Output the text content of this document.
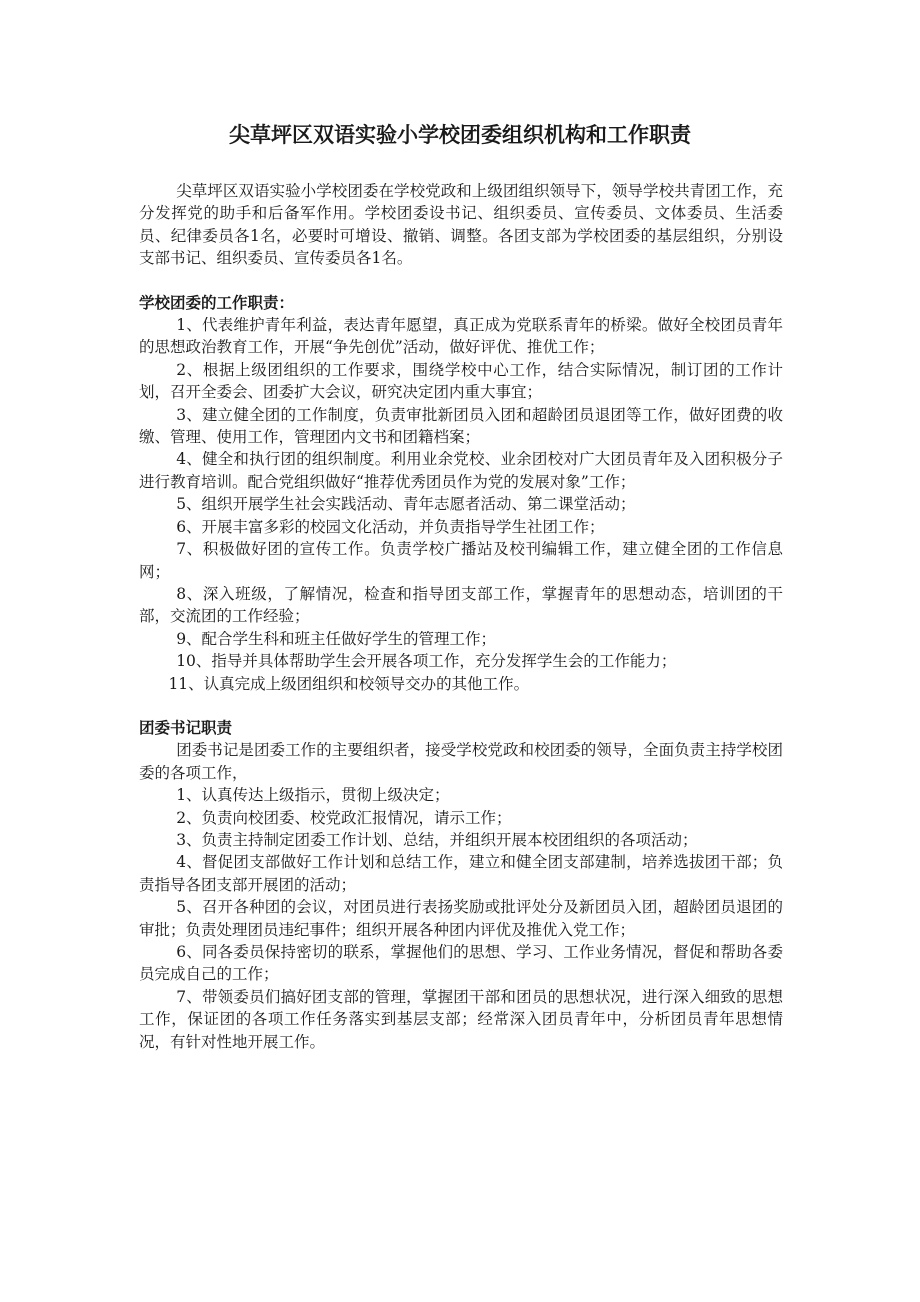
尖草坪区双语实验小学校团委组织机构和工作职责

尖草坪区双语实验小学校团委在学校党政和上级团组织领导下，领导学校共青团工作，充分发挥党的助手和后备军作用。学校团委设书记、组织委员、宣传委员、文体委员、生活委员、纪律委员各1名，必要时可增设、撤销、调整。各团支部为学校团委的基层组织，分别设支部书记、组织委员、宣传委员各1名。

学校团委的工作职责：

1、代表维护青年利益，表达青年愿望，真正成为党联系青年的桥梁。做好全校团员青年的思想政治教育工作，开展“争先创优”活动，做好评优、推优工作；

2、根据上级团组织的工作要求，围绕学校中心工作，结合实际情况，制订团的工作计划，召开全委会、团委扩大会议，研究决定团内重大事宜；

3、建立健全团的工作制度，负责审批新团员入团和超龄团员退团等工作，做好团费的收缴、管理、使用工作，管理团内文书和团籍档案；

4、健全和执行团的组织制度。利用业余党校、业余团校对广大团员青年及入团积极分子进行教育培训。配合党组织做好“推荐优秀团员作为党的发展对象”工作；

5、组织开展学生社会实践活动、青年志愿者活动、第二课堂活动；

6、开展丰富多彩的校园文化活动，并负责指导学生社团工作；

7、积极做好团的宣传工作。负责学校广播站及校刊编辑工作，建立健全团的工作信息网；

8、深入班级，了解情况，检查和指导团支部工作，掌握青年的思想动态，培训团的干部，交流团的工作经验；

9、配合学生科和班主任做好学生的管理工作；

10、指导并具体帮助学生会开展各项工作，充分发挥学生会的工作能力；

11、认真完成上级团组织和校领导交办的其他工作。

团委书记职责

团委书记是团委工作的主要组织者，接受学校党政和校团委的领导，全面负责主持学校团委的各项工作，

1、认真传达上级指示，贯彻上级决定；

2、负责向校团委、校党政汇报情况，请示工作；

3、负责主持制定团委工作计划、总结，并组织开展本校团组织的各项活动；

4、督促团支部做好工作计划和总结工作，建立和健全团支部建制，培养选拔团干部；负责指导各团支部开展团的活动；

5、召开各种团的会议，对团员进行表扬奖励或批评处分及新团员入团，超龄团员退团的审批；负责处理团员违纪事件；组织开展各种团内评优及推优入党工作；

6、同各委员保持密切的联系，掌握他们的思想、学习、工作业务情况，督促和帮助各委员完成自己的工作；

7、带领委员们搞好团支部的管理，掌握团干部和团员的思想状况，进行深入细致的思想工作，保证团的各项工作任务落实到基层支部；经常深入团员青年中，分析团员青年思想情况，有针对性地开展工作。
